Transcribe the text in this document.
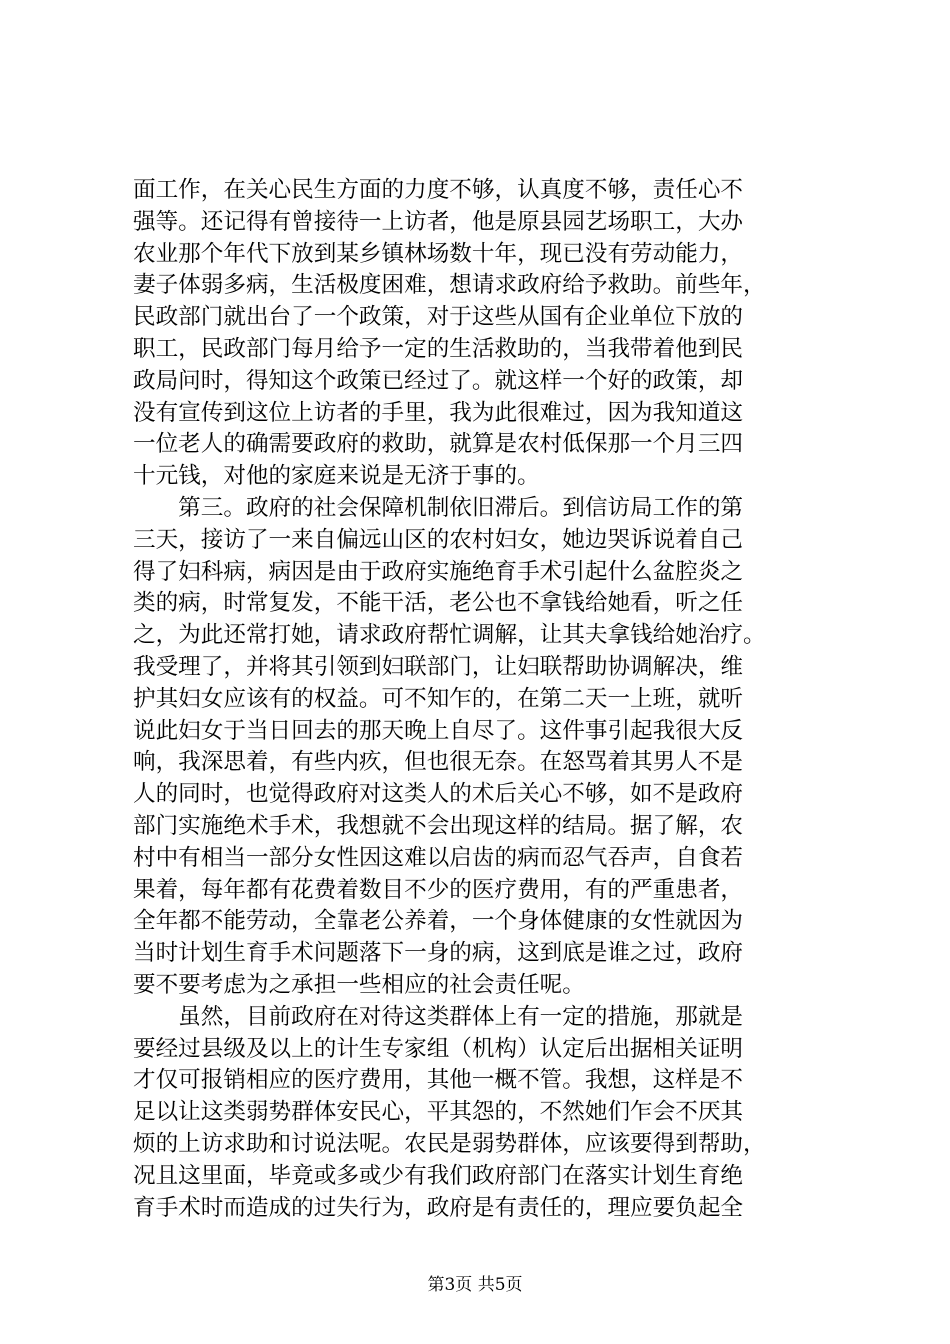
面工作，在关心民生方面的力度不够，认真度不够，责任心不
强等。还记得有曾接待一上访者，他是原县园艺场职工，大办
农业那个年代下放到某乡镇林场数十年，现已没有劳动能力，
妻子体弱多病，生活极度困难，想请求政府给予救助。前些年，
民政部门就出台了一个政策，对于这些从国有企业单位下放的
职工，民政部门每月给予一定的生活救助的，当我带着他到民
政局问时，得知这个政策已经过了。就这样一个好的政策，却
没有宣传到这位上访者的手里，我为此很难过，因为我知道这
一位老人的确需要政府的救助，就算是农村低保那一个月三四
十元钱，对他的家庭来说是无济于事的。
　　第三。政府的社会保障机制依旧滞后。到信访局工作的第
三天，接访了一来自偏远山区的农村妇女，她边哭诉说着自己
得了妇科病，病因是由于政府实施绝育手术引起什么盆腔炎之
类的病，时常复发，不能干活，老公也不拿钱给她看，听之任
之，为此还常打她，请求政府帮忙调解，让其夫拿钱给她治疗。
我受理了，并将其引领到妇联部门，让妇联帮助协调解决，维
护其妇女应该有的权益。可不知乍的，在第二天一上班，就听
说此妇女于当日回去的那天晚上自尽了。这件事引起我很大反
响，我深思着，有些内疚，但也很无奈。在怒骂着其男人不是
人的同时，也觉得政府对这类人的术后关心不够，如不是政府
部门实施绝术手术，我想就不会出现这样的结局。据了解，农
村中有相当一部分女性因这难以启齿的病而忍气吞声，自食若
果着，每年都有花费着数目不少的医疗费用，有的严重患者，
全年都不能劳动，全靠老公养着，一个身体健康的女性就因为
当时计划生育手术问题落下一身的病，这到底是谁之过，政府
要不要考虑为之承担一些相应的社会责任呢。
　　虽然，目前政府在对待这类群体上有一定的措施，那就是
要经过县级及以上的计生专家组（机构）认定后出据相关证明
才仅可报销相应的医疗费用，其他一概不管。我想，这样是不
足以让这类弱势群体安民心，平其怨的，不然她们乍会不厌其
烦的上访求助和讨说法呢。农民是弱势群体，应该要得到帮助，
况且这里面，毕竟或多或少有我们政府部门在落实计划生育绝
育手术时而造成的过失行为，政府是有责任的，理应要负起全
第3页 共5页
